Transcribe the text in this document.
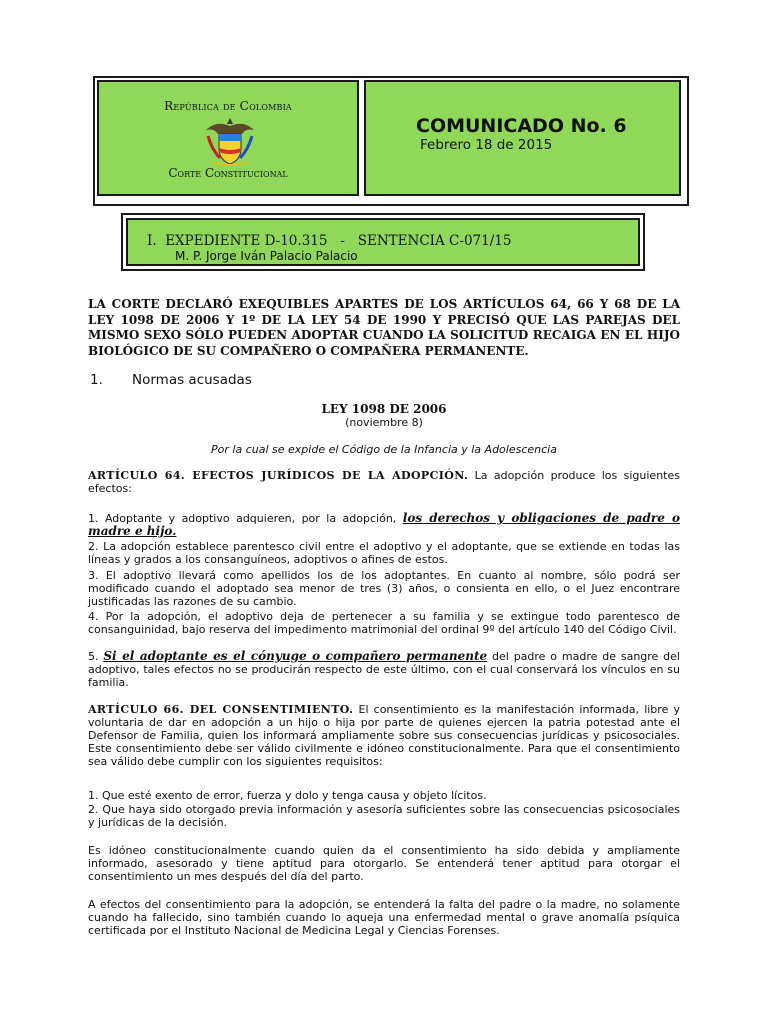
República de Colombia
Corte Constitucional
COMUNICADO No. 6
Febrero 18 de 2015
I.  EXPEDIENTE D-10.315   -   SENTENCIA C-071/15
M. P. Jorge Iván Palacio Palacio
LA CORTE DECLARÓ EXEQUIBLES APARTES DE LOS ARTÍCULOS 64, 66 Y 68 DE LA LEY 1098 DE 2006 Y 1º DE LA LEY 54 DE 1990 Y PRECISÓ QUE LAS PAREJAS DEL MISMO SEXO SÓLO PUEDEN ADOPTAR CUANDO LA SOLICITUD RECAIGA EN EL HIJO BIOLÓGICO DE SU COMPAÑERO O COMPAÑERA PERMANENTE.
1. Normas acusadas
LEY 1098 DE 2006
(noviembre 8)
Por la cual se expide el Código de la Infancia y la Adolescencia
ARTÍCULO 64. EFECTOS JURÍDICOS DE LA ADOPCIÓN. La adopción produce los siguientes efectos:
1. Adoptante y adoptivo adquieren, por la adopción, los derechos y obligaciones de padre o madre e hijo.
2. La adopción establece parentesco civil entre el adoptivo y el adoptante, que se extiende en todas las líneas y grados a los consanguíneos, adoptivos o afines de estos.
3. El adoptivo llevará como apellidos los de los adoptantes. En cuanto al nombre, sólo podrá ser modificado cuando el adoptado sea menor de tres (3) años, o consienta en ello, o el Juez encontrare justificadas las razones de su cambio.
4. Por la adopción, el adoptivo deja de pertenecer a su familia y se extingue todo parentesco de consanguinidad, bajo reserva del impedimento matrimonial del ordinal 9º del artículo 140 del Código Civil.
5. Si el adoptante es el cónyuge o compañero permanente del padre o madre de sangre del adoptivo, tales efectos no se producirán respecto de este último, con el cual conservará los vínculos en su familia.
ARTÍCULO 66. DEL CONSENTIMIENTO. El consentimiento es la manifestación informada, libre y voluntaria de dar en adopción a un hijo o hija por parte de quienes ejercen la patria potestad ante el Defensor de Familia, quien los informará ampliamente sobre sus consecuencias jurídicas y psicosociales. Este consentimiento debe ser válido civilmente e idóneo constitucionalmente. Para que el consentimiento sea válido debe cumplir con los siguientes requisitos:
1. Que esté exento de error, fuerza y dolo y tenga causa y objeto lícitos.
2. Que haya sido otorgado previa información y asesoría suficientes sobre las consecuencias psicosociales y jurídicas de la decisión.
Es idóneo constitucionalmente cuando quien da el consentimiento ha sido debida y ampliamente informado, asesorado y tiene aptitud para otorgarlo. Se entenderá tener aptitud para otorgar el consentimiento un mes después del día del parto.
A efectos del consentimiento para la adopción, se entenderá la falta del padre o la madre, no solamente cuando ha fallecido, sino también cuando lo aqueja una enfermedad mental o grave anomalía psíquica certificada por el Instituto Nacional de Medicina Legal y Ciencias Forenses.
